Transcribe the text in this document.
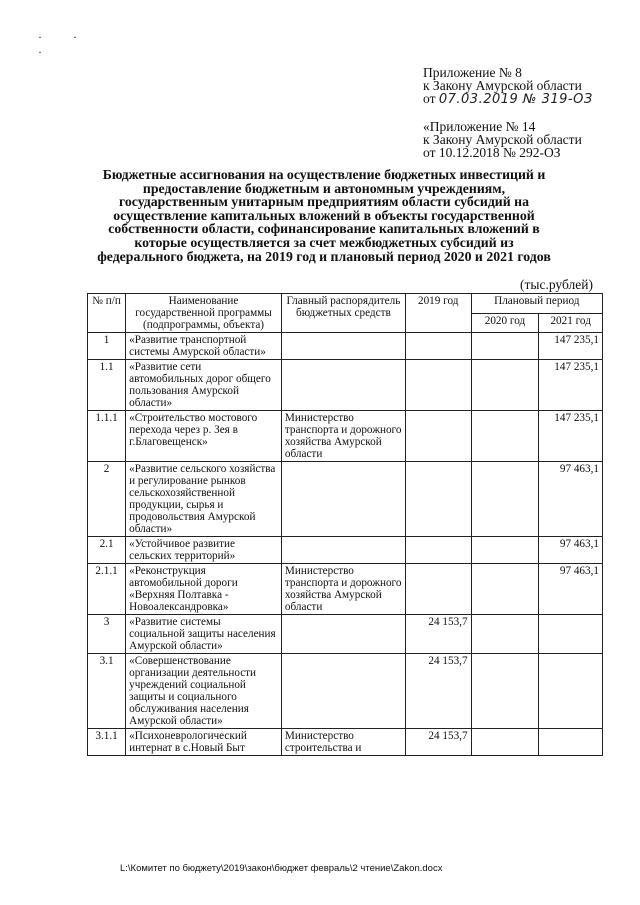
· ·
·
Приложение № 8
к Закону Амурской области
от 07.03.2019 № 319-ОЗ
«Приложение № 14
к Закону Амурской области
от 10.12.2018 № 292-ОЗ
Бюджетные ассигнования на осуществление бюджетных инвестиций и предоставление бюджетным и автономным учреждениям, государственным унитарным предприятиям области субсидий на осуществление капитальных вложений в объекты государственной собственности области, софинансирование капитальных вложений в которые осуществляется за счет межбюджетных субсидий из федерального бюджета, на 2019 год и плановый период 2020 и 2021 годов
(тыс.рублей)
№ п/п	Наименование государственной программы (подпрограммы, объекта)	Главный распорядитель бюджетных средств	2019 год	Плановый период	
				2020 год	2021 год
1	«Развитие транспортной системы Амурской области»				147 235,1
1.1	«Развитие сети автомобильных дорог общего пользования Амурской области»				147 235,1
1.1.1	«Строительство мостового перехода через р. Зея в г.Благовещенск»	Министерство транспорта и дорожного хозяйства Амурской области			147 235,1
2	«Развитие сельского хозяйства и регулирование рынков сельскохозяйственной продукции, сырья и продовольствия Амурской области»				97 463,1
2.1	«Устойчивое развитие сельских территорий»				97 463,1
2.1.1	«Реконструкция автомобильной дороги «Верхняя Полтавка - Новоалександровка»	Министерство транспорта и дорожного хозяйства Амурской области			97 463,1
3	«Развитие системы социальной защиты населения Амурской области»		24 153,7		
3.1	«Совершенствование организации деятельности учреждений социальной защиты и социального обслуживания населения Амурской области»		24 153,7		
3.1.1	«Психоневрологический интернат в с.Новый Быт	Министерство строительства и	24 153,7		
L:\Комитет по бюджету\2019\закон\бюджет февраль\2 чтение\Zakon.docx
